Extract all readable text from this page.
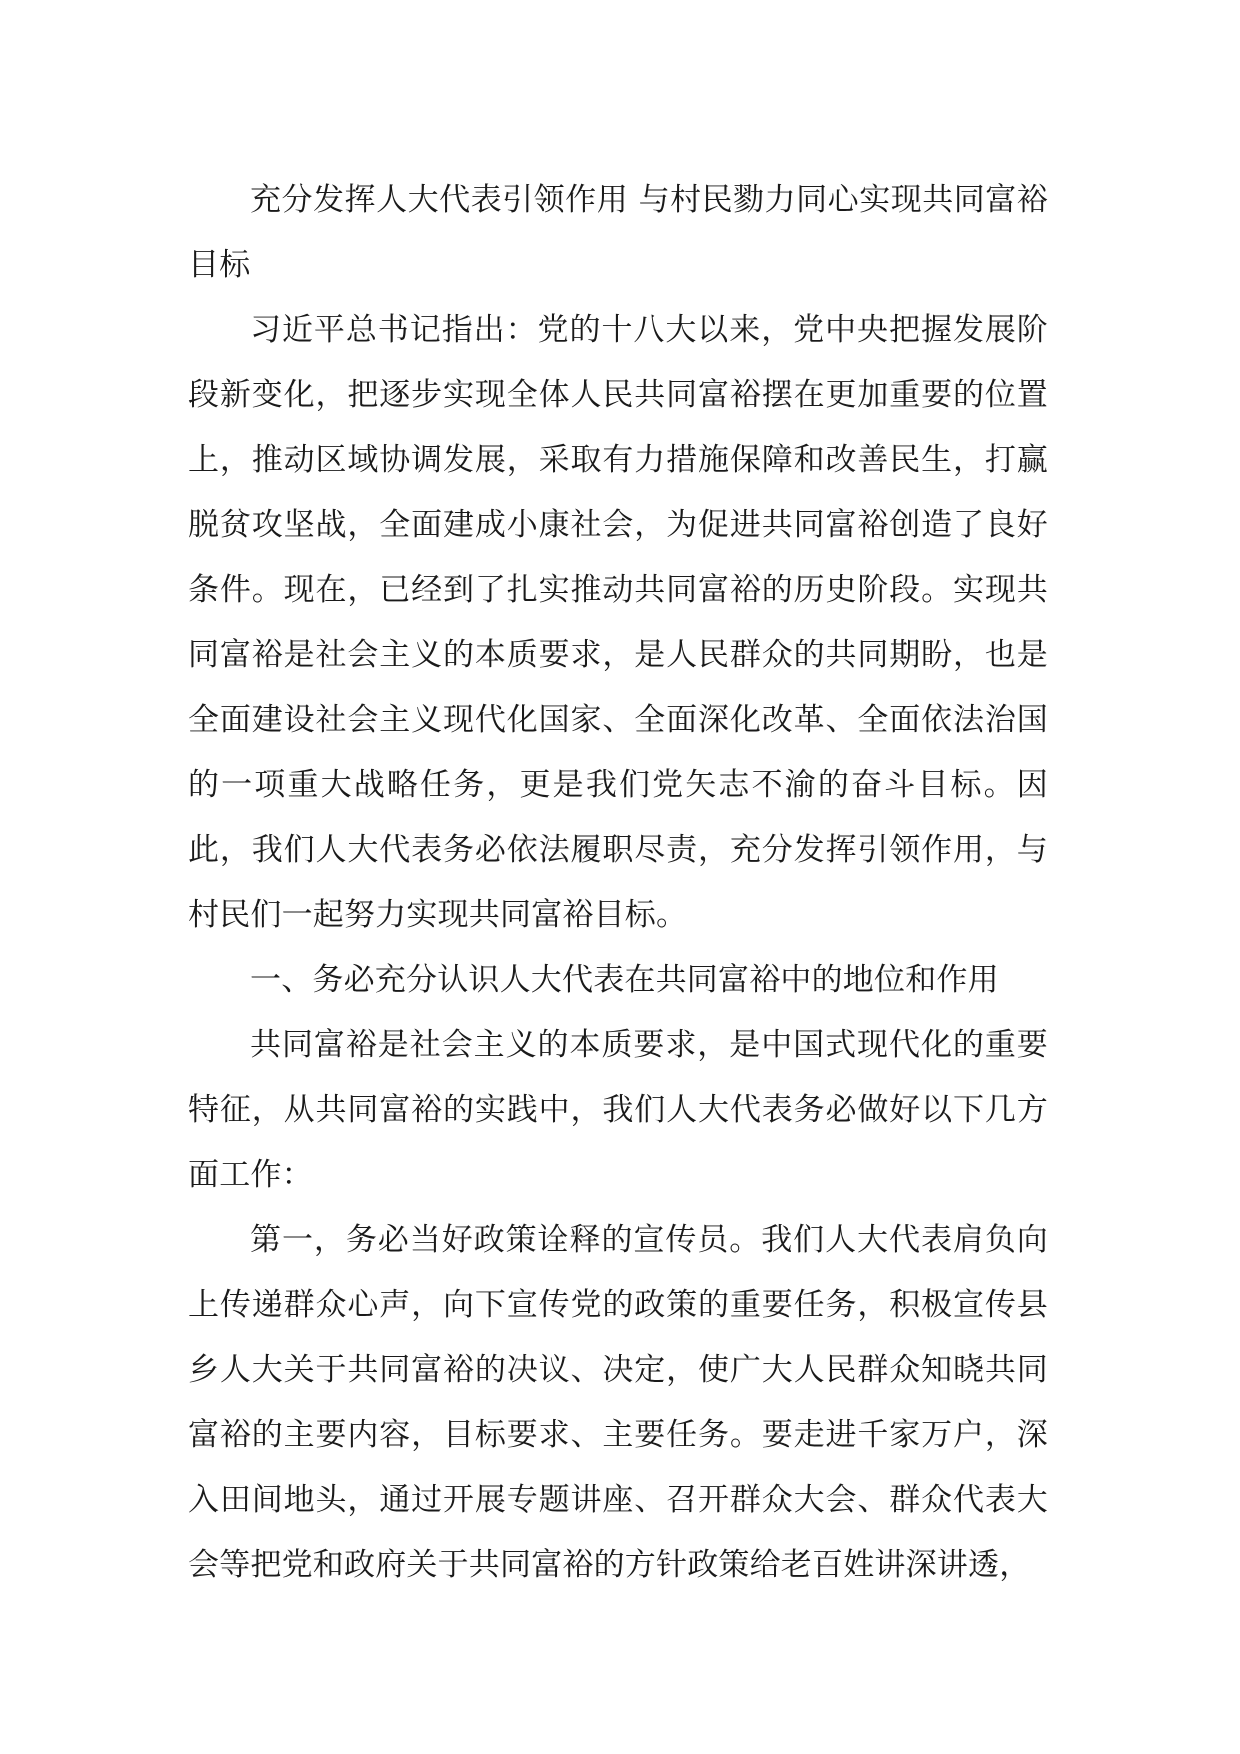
充分发挥人大代表引领作用 与村民勠力同心实现共同富裕目标

习近平总书记指出：党的十八大以来，党中央把握发展阶段新变化，把逐步实现全体人民共同富裕摆在更加重要的位置上，推动区域协调发展，采取有力措施保障和改善民生，打赢脱贫攻坚战，全面建成小康社会，为促进共同富裕创造了良好条件。现在，已经到了扎实推动共同富裕的历史阶段。实现共同富裕是社会主义的本质要求，是人民群众的共同期盼，也是全面建设社会主义现代化国家、全面深化改革、全面依法治国的一项重大战略任务，更是我们党矢志不渝的奋斗目标。因此，我们人大代表务必依法履职尽责，充分发挥引领作用，与村民们一起努力实现共同富裕目标。

一、务必充分认识人大代表在共同富裕中的地位和作用

共同富裕是社会主义的本质要求，是中国式现代化的重要特征，从共同富裕的实践中，我们人大代表务必做好以下几方面工作：

第一，务必当好政策诠释的宣传员。我们人大代表肩负向上传递群众心声，向下宣传党的政策的重要任务，积极宣传县乡人大关于共同富裕的决议、决定，使广大人民群众知晓共同富裕的主要内容，目标要求、主要任务。要走进千家万户，深入田间地头，通过开展专题讲座、召开群众大会、群众代表大会等把党和政府关于共同富裕的方针政策给老百姓讲深讲透，
